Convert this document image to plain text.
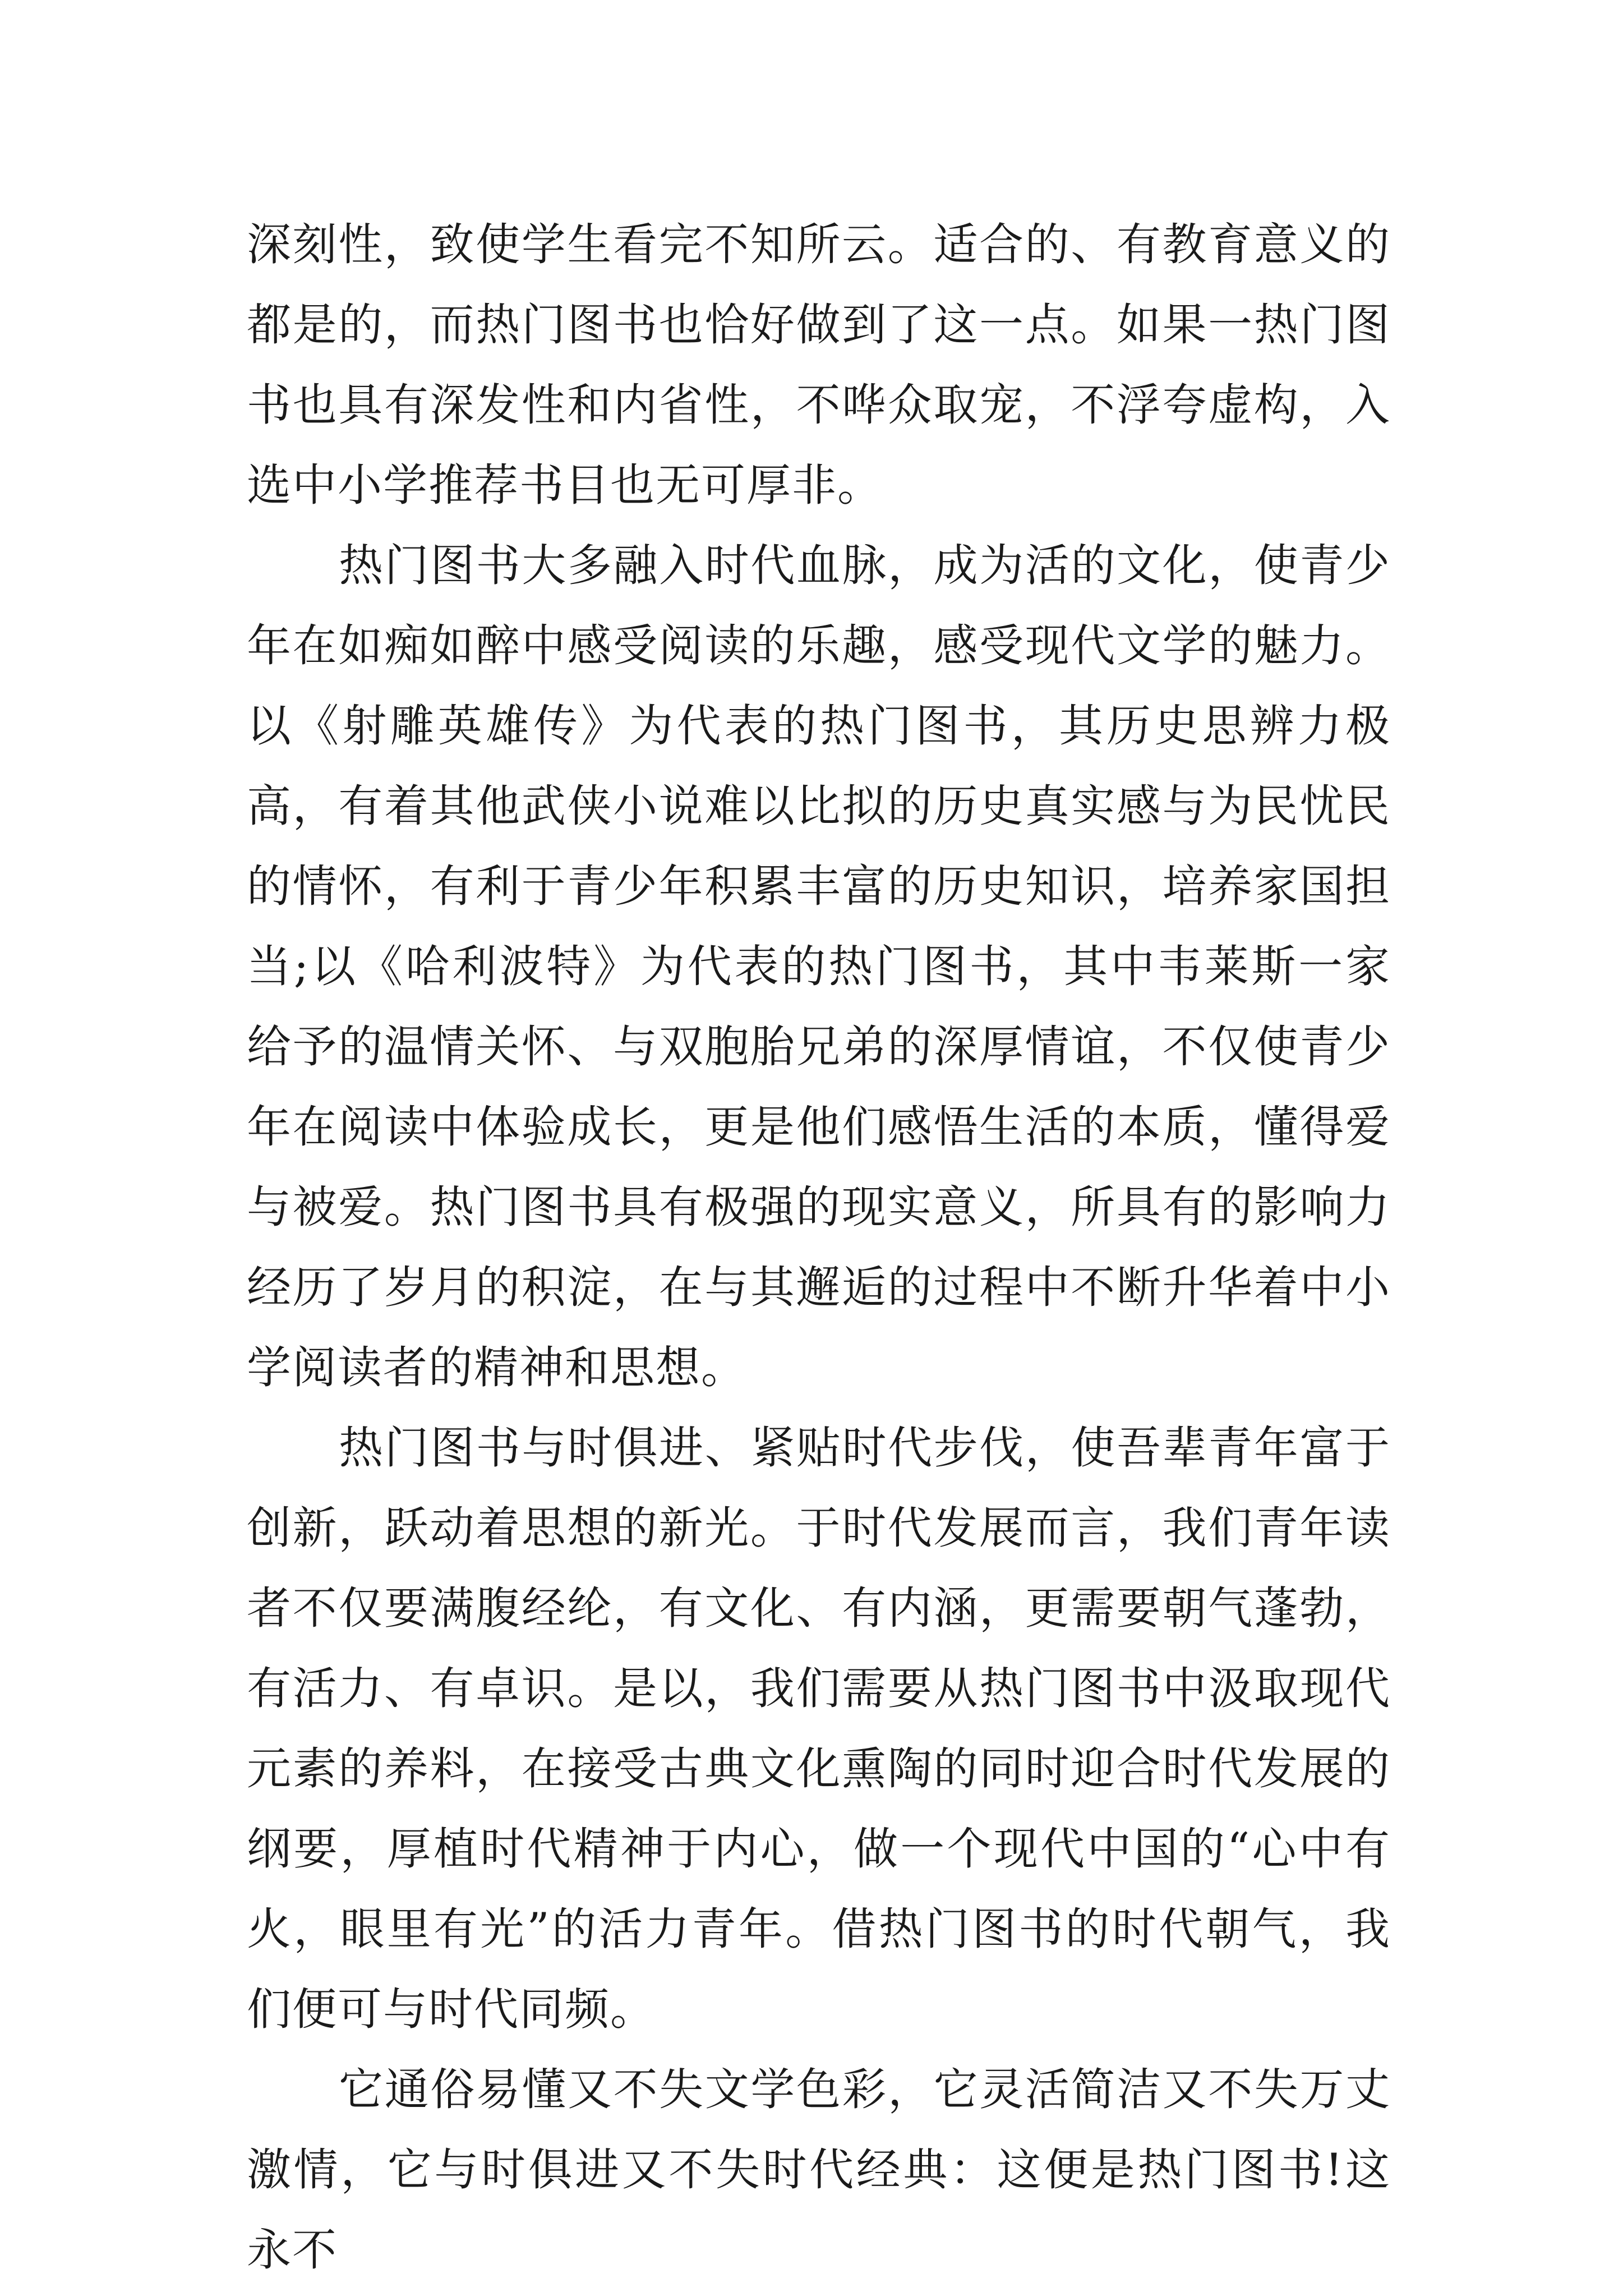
深刻性，致使学生看完不知所云。适合的、有教育意义的都是的，而热门图书也恰好做到了这一点。如果一热门图书也具有深发性和内省性，不哗众取宠，不浮夸虚构，入选中小学推荐书目也无可厚非。

热门图书大多融入时代血脉，成为活的文化，使青少年在如痴如醉中感受阅读的乐趣，感受现代文学的魅力。以《射雕英雄传》为代表的热门图书，其历史思辨力极高，有着其他武侠小说难以比拟的历史真实感与为民忧民的情怀，有利于青少年积累丰富的历史知识，培养家国担当;以《哈利波特》为代表的热门图书，其中韦莱斯一家给予的温情关怀、与双胞胎兄弟的深厚情谊，不仅使青少年在阅读中体验成长，更是他们感悟生活的本质，懂得爱与被爱。热门图书具有极强的现实意义，所具有的影响力经历了岁月的积淀，在与其邂逅的过程中不断升华着中小学阅读者的精神和思想。

热门图书与时俱进、紧贴时代步伐，使吾辈青年富于创新，跃动着思想的新光。于时代发展而言，我们青年读者不仅要满腹经纶，有文化、有内涵，更需要朝气蓬勃，有活力、有卓识。是以，我们需要从热门图书中汲取现代元素的养料，在接受古典文化熏陶的同时迎合时代发展的纲要，厚植时代精神于内心，做一个现代中国的“心中有火，眼里有光”的活力青年。借热门图书的时代朝气，我们便可与时代同频。

它通俗易懂又不失文学色彩，它灵活简洁又不失万丈激情，它与时俱进又不失时代经典：这便是热门图书!这永不
